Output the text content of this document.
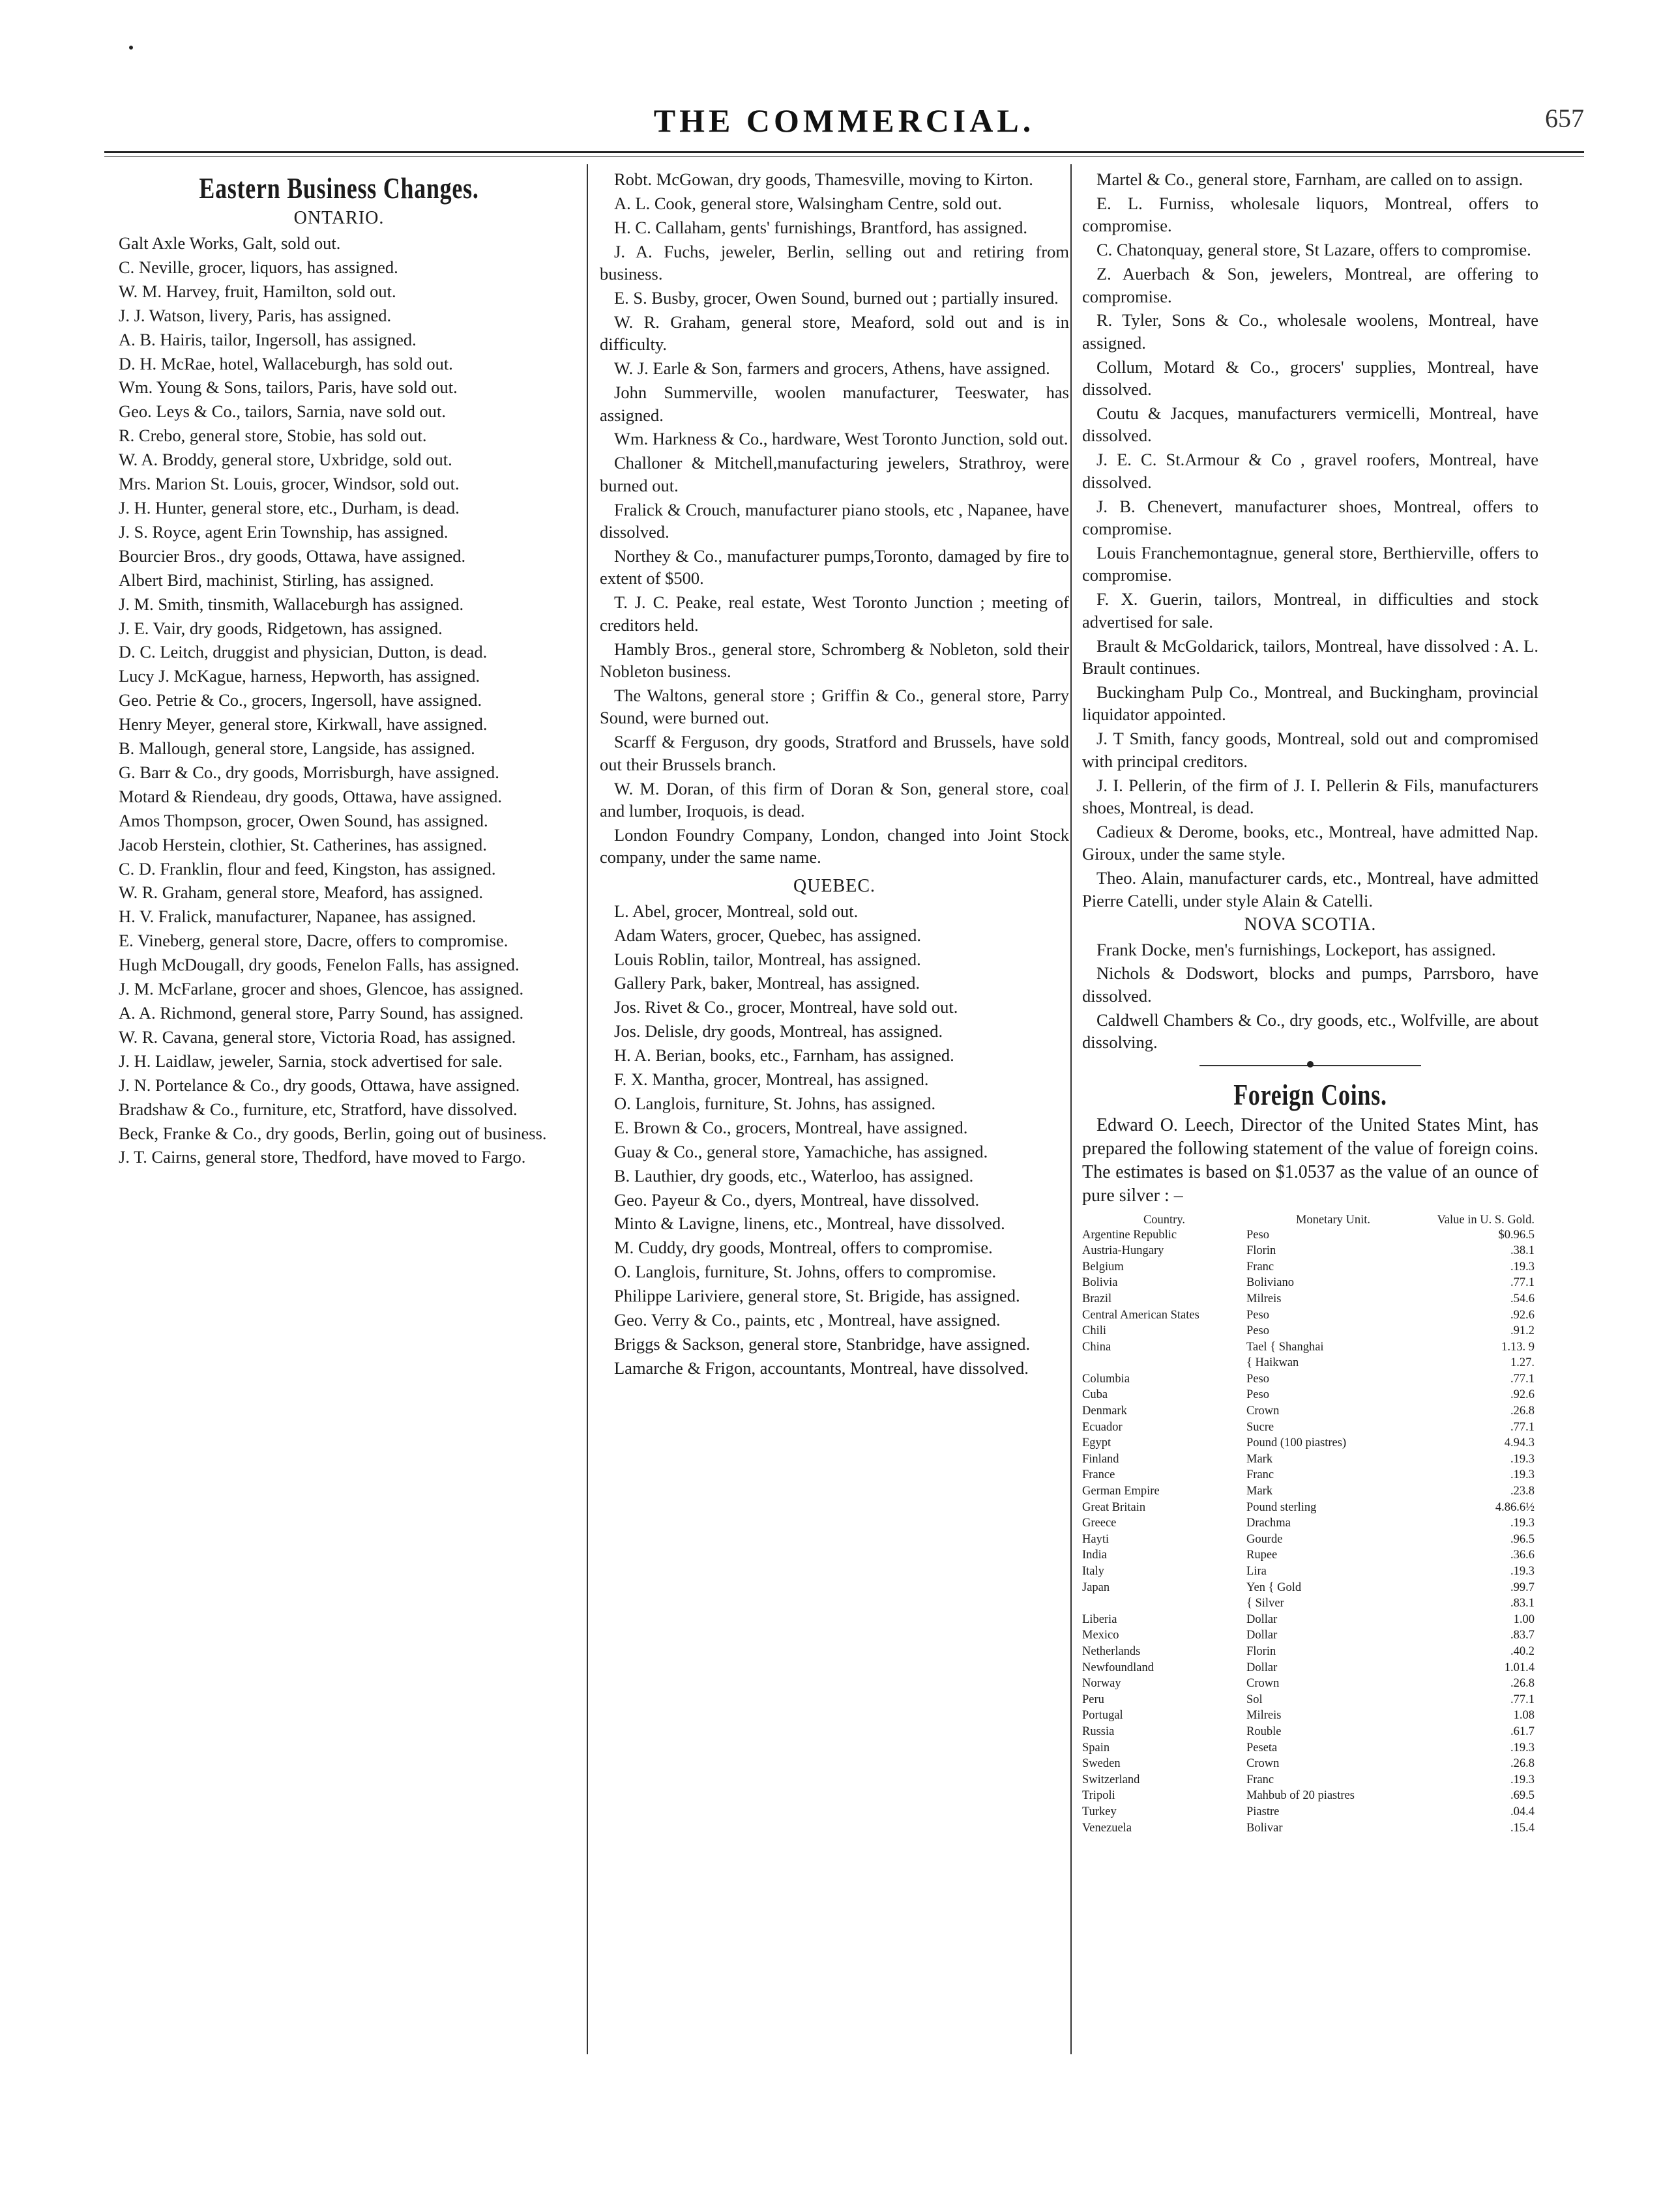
THE COMMERCIAL.	657
Eastern Business Changes.
ONTARIO.

Galt Axle Works, Galt, sold out.

C. Neville, grocer, liquors, has assigned.

W. M. Harvey, fruit, Hamilton, sold out.

J. J. Watson, livery, Paris, has assigned.

A. B. Hairis, tailor, Ingersoll, has assigned.

D. H. McRae, hotel, Wallaceburgh, has sold out.

Wm. Young & Sons, tailors, Paris, have sold out.

Geo. Leys & Co., tailors, Sarnia, nave sold out.

R. Crebo, general store, Stobie, has sold out.

W. A. Broddy, general store, Uxbridge, sold out.

Mrs. Marion St. Louis, grocer, Windsor, sold out.

J. H. Hunter, general store, etc., Durham, is dead.

J. S. Royce, agent Erin Township, has assigned.

Bourcier Bros., dry goods, Ottawa, have assigned.

Albert Bird, machinist, Stirling, has assigned.

J. M. Smith, tinsmith, Wallaceburgh has assigned.

J. E. Vair, dry goods, Ridgetown, has assigned.

D. C. Leitch, druggist and physician, Dutton, is dead.

Lucy J. McKague, harness, Hepworth, has assigned.

Geo. Petrie & Co., grocers, Ingersoll, have assigned.

Henry Meyer, general store, Kirkwall, have assigned.

B. Mallough, general store, Langside, has assigned.

G. Barr & Co., dry goods, Morrisburgh, have assigned.

Motard & Riendeau, dry goods, Ottawa, have assigned.

Amos Thompson, grocer, Owen Sound, has assigned.

Jacob Herstein, clothier, St. Catherines, has assigned.

C. D. Franklin, flour and feed, Kingston, has assigned.

W. R. Graham, general store, Meaford, has assigned.

H. V. Fralick, manufacturer, Napanee, has assigned.

E. Vineberg, general store, Dacre, offers to compromise.

Hugh McDougall, dry goods, Fenelon Falls, has assigned.

J. M. McFarlane, grocer and shoes, Glencoe, has assigned.

A. A. Richmond, general store, Parry Sound, has assigned.

W. R. Cavana, general store, Victoria Road, has assigned.

J. H. Laidlaw, jeweler, Sarnia, stock advertised for sale.

J. N. Portelance & Co., dry goods, Ottawa, have assigned.

Bradshaw & Co., furniture, etc, Stratford, have dissolved.

Beck, Franke & Co., dry goods, Berlin, going out of business.

J. T. Cairns, general store, Thedford, have moved to Fargo.

Robt. McGowan, dry goods, Thamesville, moving to Kirton.

A. L. Cook, general store, Walsingham Centre, sold out.

H. C. Callaham, gents' furnishings, Brantford, has assigned.

J. A. Fuchs, jeweler, Berlin, selling out and retiring from business.

E. S. Busby, grocer, Owen Sound, burned out ; partially insured.

W. R. Graham, general store, Meaford, sold out and is in difficulty.

W. J. Earle & Son, farmers and grocers, Athens, have assigned.

John Summerville, woolen manufacturer, Teeswater, has assigned.

Wm. Harkness & Co., hardware, West Toronto Junction, sold out.

Challoner & Mitchell,manufacturing jewelers, Strathroy, were burned out.

Fralick & Crouch, manufacturer piano stools, etc , Napanee, have dissolved.

Northey & Co., manufacturer pumps,Toronto, damaged by fire to extent of $500.

T. J. C. Peake, real estate, West Toronto Junction ; meeting of creditors held.

Hambly Bros., general store, Schromberg & Nobleton, sold their Nobleton business.

The Waltons, general store ; Griffin & Co., general store, Parry Sound, were burned out.

Scarff & Ferguson, dry goods, Stratford and Brussels, have sold out their Brussels branch.

W. M. Doran, of this firm of Doran & Son, general store, coal and lumber, Iroquois, is dead.

London Foundry Company, London, changed into Joint Stock company, under the same name.

QUEBEC.

L. Abel, grocer, Montreal, sold out.

Adam Waters, grocer, Quebec, has assigned.

Louis Roblin, tailor, Montreal, has assigned.

Gallery Park, baker, Montreal, has assigned.

Jos. Rivet & Co., grocer, Montreal, have sold out.

Jos. Delisle, dry goods, Montreal, has assigned.

H. A. Berian, books, etc., Farnham, has assigned.

F. X. Mantha, grocer, Montreal, has assigned.

O. Langlois, furniture, St. Johns, has assigned.

E. Brown & Co., grocers, Montreal, have assigned.

Guay & Co., general store, Yamachiche, has assigned.

B. Lauthier, dry goods, etc., Waterloo, has assigned.

Geo. Payeur & Co., dyers, Montreal, have dissolved.

Minto & Lavigne, linens, etc., Montreal, have dissolved.

M. Cuddy, dry goods, Montreal, offers to compromise.

O. Langlois, furniture, St. Johns, offers to compromise.

Philippe Lariviere, general store, St. Brigide, has assigned.

Geo. Verry & Co., paints, etc , Montreal, have assigned.

Briggs & Sackson, general store, Stanbridge, have assigned.

Lamarche & Frigon, accountants, Montreal, have dissolved.

Martel & Co., general store, Farnham, are called on to assign.

E. L. Furniss, wholesale liquors, Montreal, offers to compromise.

C. Chatonquay, general store, St Lazare, offers to compromise.

Z. Auerbach & Son, jewelers, Montreal, are offering to compromise.

R. Tyler, Sons & Co., wholesale woolens, Montreal, have assigned.

Collum, Motard & Co., grocers' supplies, Montreal, have dissolved.

Coutu & Jacques, manufacturers vermicelli, Montreal, have dissolved.

J. E. C. St.Armour & Co , gravel roofers, Montreal, have dissolved.

J. B. Chenevert, manufacturer shoes, Montreal, offers to compromise.

Louis Franchemontagnue, general store, Berthierville, offers to compromise.

F. X. Guerin, tailors, Montreal, in difficulties and stock advertised for sale.

Brault & McGoldarick, tailors, Montreal, have dissolved : A. L. Brault continues.

Buckingham Pulp Co., Montreal, and Buckingham, provincial liquidator appointed.

J. T Smith, fancy goods, Montreal, sold out and compromised with principal creditors.

J. I. Pellerin, of the firm of J. I. Pellerin & Fils, manufacturers shoes, Montreal, is dead.

Cadieux & Derome, books, etc., Montreal, have admitted Nap. Giroux, under the same style.

Theo. Alain, manufacturer cards, etc., Montreal, have admitted Pierre Catelli, under style Alain & Catelli.

NOVA SCOTIA.

Frank Docke, men's furnishings, Lockeport, has assigned.

Nichols & Dodswort, blocks and pumps, Parrsboro, have dissolved.

Caldwell Chambers & Co., dry goods, etc., Wolfville, are about dissolving.

Foreign Coins.
Edward O. Leech, Director of the United States Mint, has prepared the following statement of the value of foreign coins. The estimates is based on $1.0537 as the value of an ounce of pure silver : –
Country.	Monetary Unit.	Value in U. S. Gold.
Argentine Republic	Peso	$0.96.5
Austria-Hungary	Florin	.38.1
Belgium	Franc	.19.3
Bolivia	Boliviano	.77.1
Brazil	Milreis	.54.6
Central American States	Peso	.92.6
Chili	Peso	.91.2
China	Tael { Shanghai	1.13. 9
	{ Haikwan	1.27.
Columbia	Peso	.77.1
Cuba	Peso	.92.6
Denmark	Crown	.26.8
Ecuador	Sucre	.77.1
Egypt	Pound (100 piastres)	4.94.3
Finland	Mark	.19.3
France	Franc	.19.3
German Empire	Mark	.23.8
Great Britain	Pound sterling	4.86.6½
Greece	Drachma	.19.3
Hayti	Gourde	.96.5
India	Rupee	.36.6
Italy	Lira	.19.3
Japan	Yen { Gold	.99.7
	{ Silver	.83.1
Liberia	Dollar	1.00
Mexico	Dollar	.83.7
Netherlands	Florin	.40.2
Newfoundland	Dollar	1.01.4
Norway	Crown	.26.8
Peru	Sol	.77.1
Portugal	Milreis	1.08
Russia	Rouble	.61.7
Spain	Peseta	.19.3
Sweden	Crown	.26.8
Switzerland	Franc	.19.3
Tripoli	Mahbub of 20 piastres	.69.5
Turkey	Piastre	.04.4
Venezuela	Bolivar	.15.4
